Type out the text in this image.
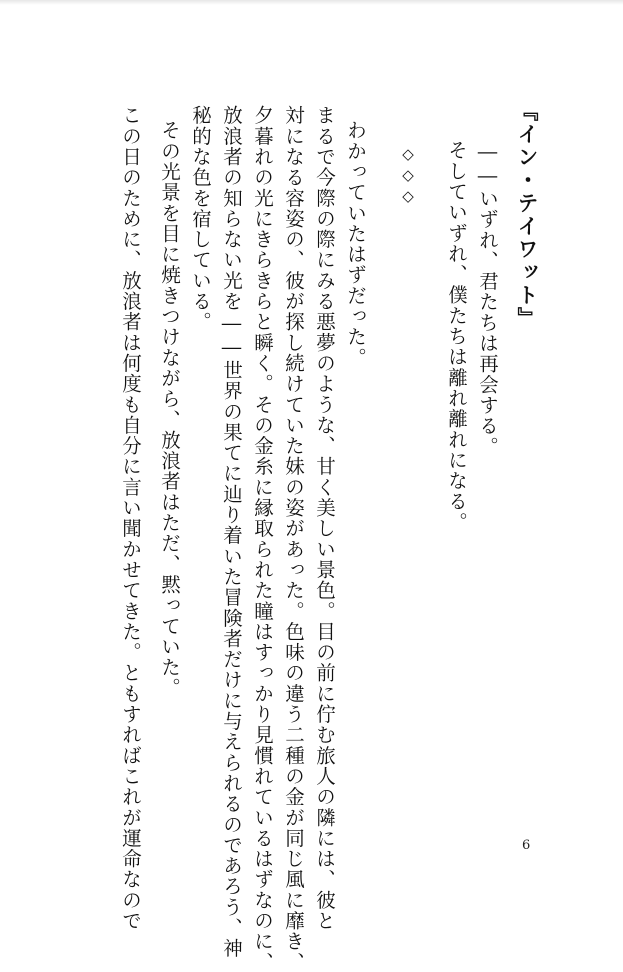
『イン・テイワット』
――いずれ、君たちは再会する。
そしていずれ、僕たちは離れ離れになる。
◇◇◇
わかっていたはずだった。
まるで今際の際にみる悪夢のような、甘く美しい景色。目の前に佇む旅人の隣には、彼と
対になる容姿の、彼が探し続けていた妹の姿があった。色味の違う二種の金が同じ風に靡き、
夕暮れの光にきらきらと瞬く。その金糸に縁取られた瞳はすっかり見慣れているはずなのに、
放浪者の知らない光を――世界の果てに辿り着いた冒険者だけに与えられるのであろう、神
秘的な色を宿している。
その光景を目に焼きつけながら、放浪者はただ、黙っていた。
この日のために、放浪者は何度も自分に言い聞かせてきた。ともすればこれが運命なので	6
